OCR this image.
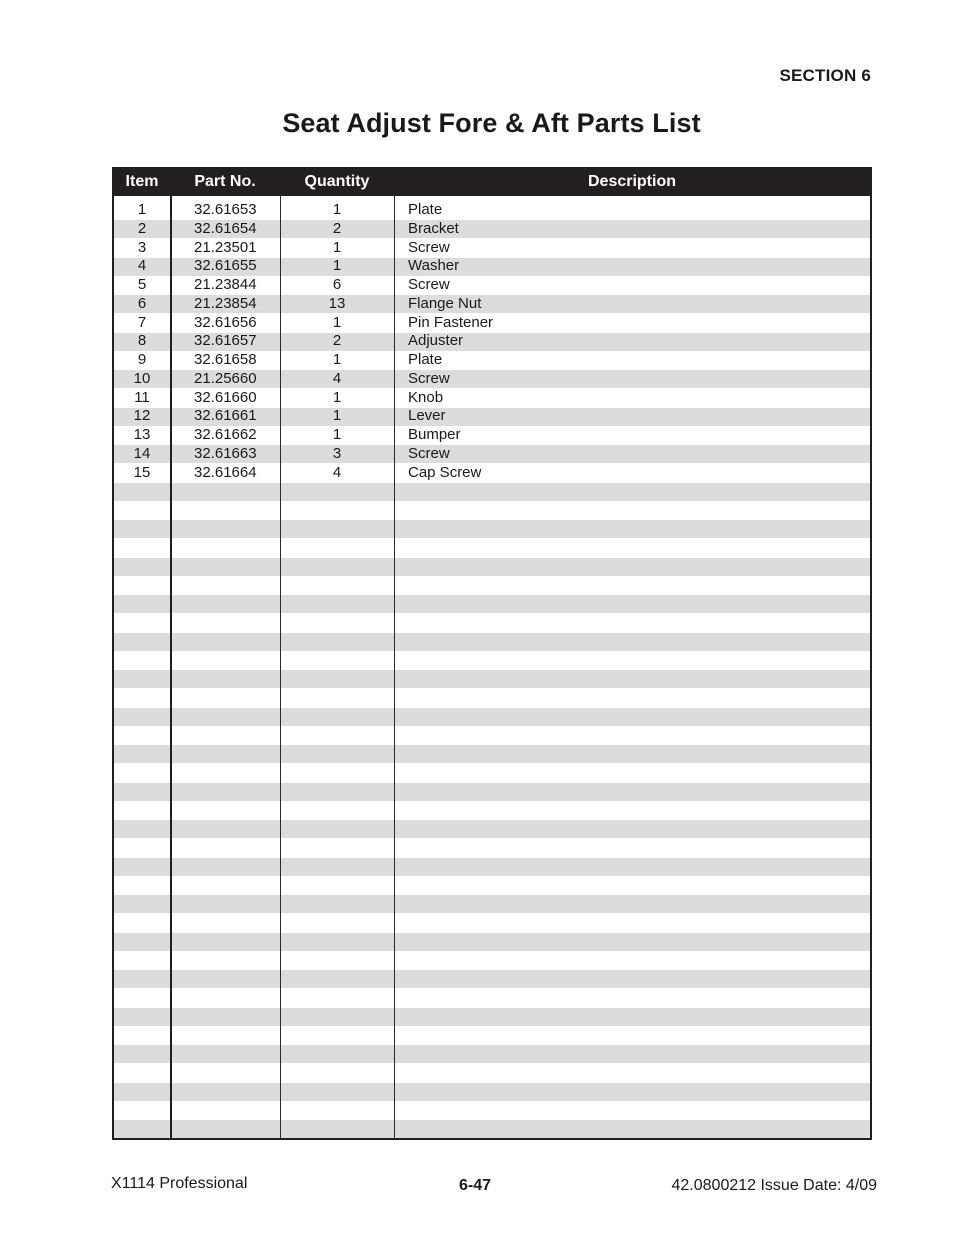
SECTION 6
Seat Adjust Fore & Aft Parts List
Item	Part No.	Quantity	Description
1	32.61653	1	Plate
2	32.61654	2	Bracket
3	21.23501	1	Screw
4	32.61655	1	Washer
5	21.23844	6	Screw
6	21.23854	13	Flange Nut
7	32.61656	1	Pin Fastener
8	32.61657	2	Adjuster
9	32.61658	1	Plate
10	21.25660	4	Screw
11	32.61660	1	Knob
12	32.61661	1	Lever
13	32.61662	1	Bumper
14	32.61663	3	Screw
15	32.61664	4	Cap Screw
X1114 Professional	6-47	42.0800212 Issue Date: 4/09
